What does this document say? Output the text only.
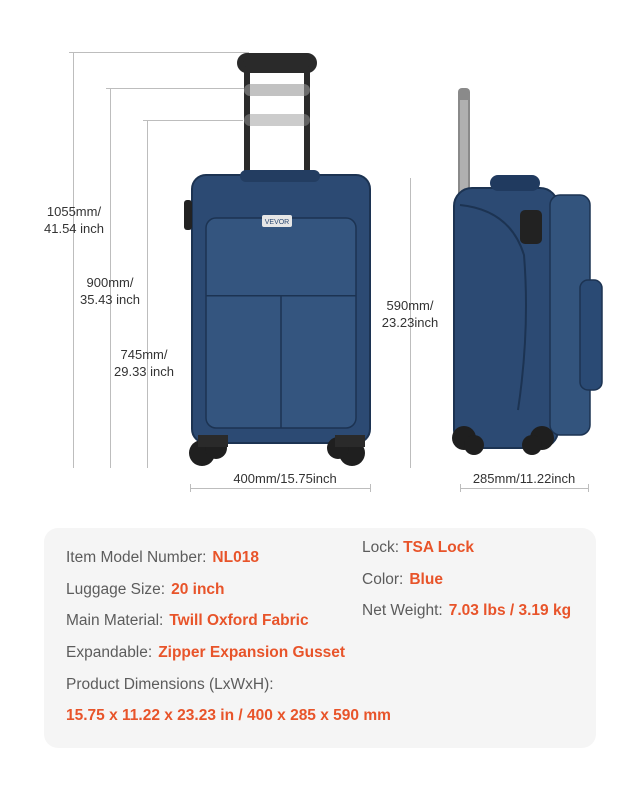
1055mm/
41.54 inch
900mm/
35.43 inch
745mm/
29.33 inch
590mm/
23.23inch
VEVOR
400mm/15.75inch	285mm/11.22inch
Item Model Number: NL018
Luggage Size: 20 inch
Main Material: Twill Oxford Fabric
Expandable: Zipper Expansion Gusset
Product Dimensions (LxWxH):
15.75 x 11.22 x 23.23 in / 400 x 285 x 590 mm
Lock: TSA Lock
Color: Blue
Net Weight: 7.03 lbs / 3.19 kg
